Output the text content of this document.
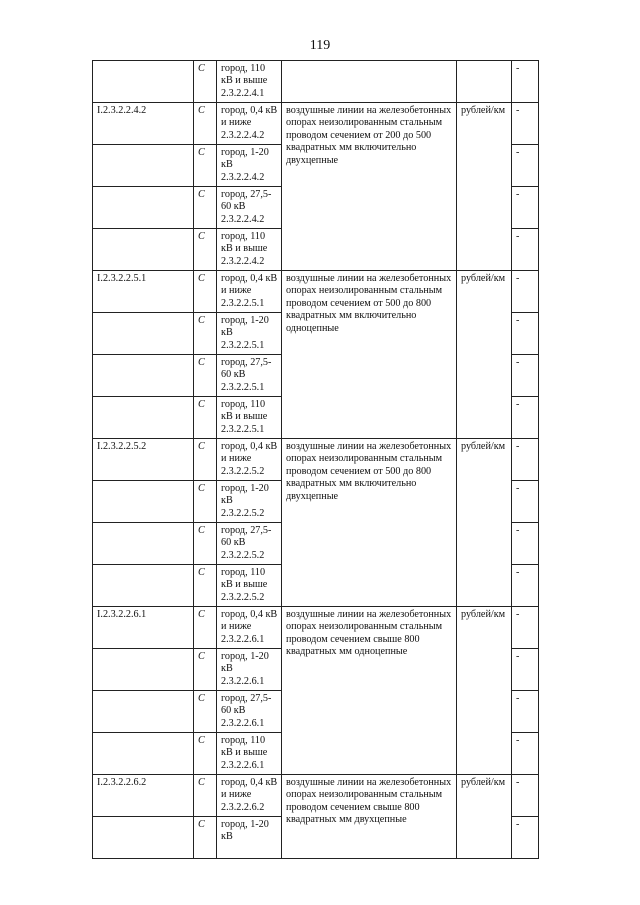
119
	С	город, 110 кВ и выше 2.3.2.2.4.1			-
I.2.3.2.2.4.2	С	город, 0,4 кВ и ниже 2.3.2.2.4.2	воздушные линии на железобетонных опорах неизолированным стальным проводом сечением от 200 до 500 квадратных мм включительно двухцепные	рублей/км	-
	С	город, 1-20 кВ 2.3.2.2.4.2			-
	С	город, 27,5-60 кВ 2.3.2.2.4.2			-
	С	город, 110 кВ и выше 2.3.2.2.4.2			-
I.2.3.2.2.5.1	С	город, 0,4 кВ и ниже 2.3.2.2.5.1	воздушные линии на железобетонных опорах неизолированным стальным проводом сечением от 500 до 800 квадратных мм включительно одноцепные	рублей/км	-
	С	город, 1-20 кВ 2.3.2.2.5.1			-
	С	город, 27,5-60 кВ 2.3.2.2.5.1			-
	С	город, 110 кВ и выше 2.3.2.2.5.1			-
I.2.3.2.2.5.2	С	город, 0,4 кВ и ниже 2.3.2.2.5.2	воздушные линии на железобетонных опорах неизолированным стальным проводом сечением от 500 до 800 квадратных мм включительно двухцепные	рублей/км	-
	С	город, 1-20 кВ 2.3.2.2.5.2			-
	С	город, 27,5-60 кВ 2.3.2.2.5.2			-
	С	город, 110 кВ и выше 2.3.2.2.5.2			-
I.2.3.2.2.6.1	С	город, 0,4 кВ и ниже 2.3.2.2.6.1	воздушные линии на железобетонных опорах неизолированным стальным проводом сечением свыше 800 квадратных мм одноцепные	рублей/км	-
	С	город, 1-20 кВ 2.3.2.2.6.1			-
	С	город, 27,5-60 кВ 2.3.2.2.6.1			-
	С	город, 110 кВ и выше 2.3.2.2.6.1			-
I.2.3.2.2.6.2	С	город, 0,4 кВ и ниже 2.3.2.2.6.2	воздушные линии на железобетонных опорах неизолированным стальным проводом сечением свыше 800 квадратных мм двухцепные	рублей/км	-
	С	город, 1-20 кВ			-
